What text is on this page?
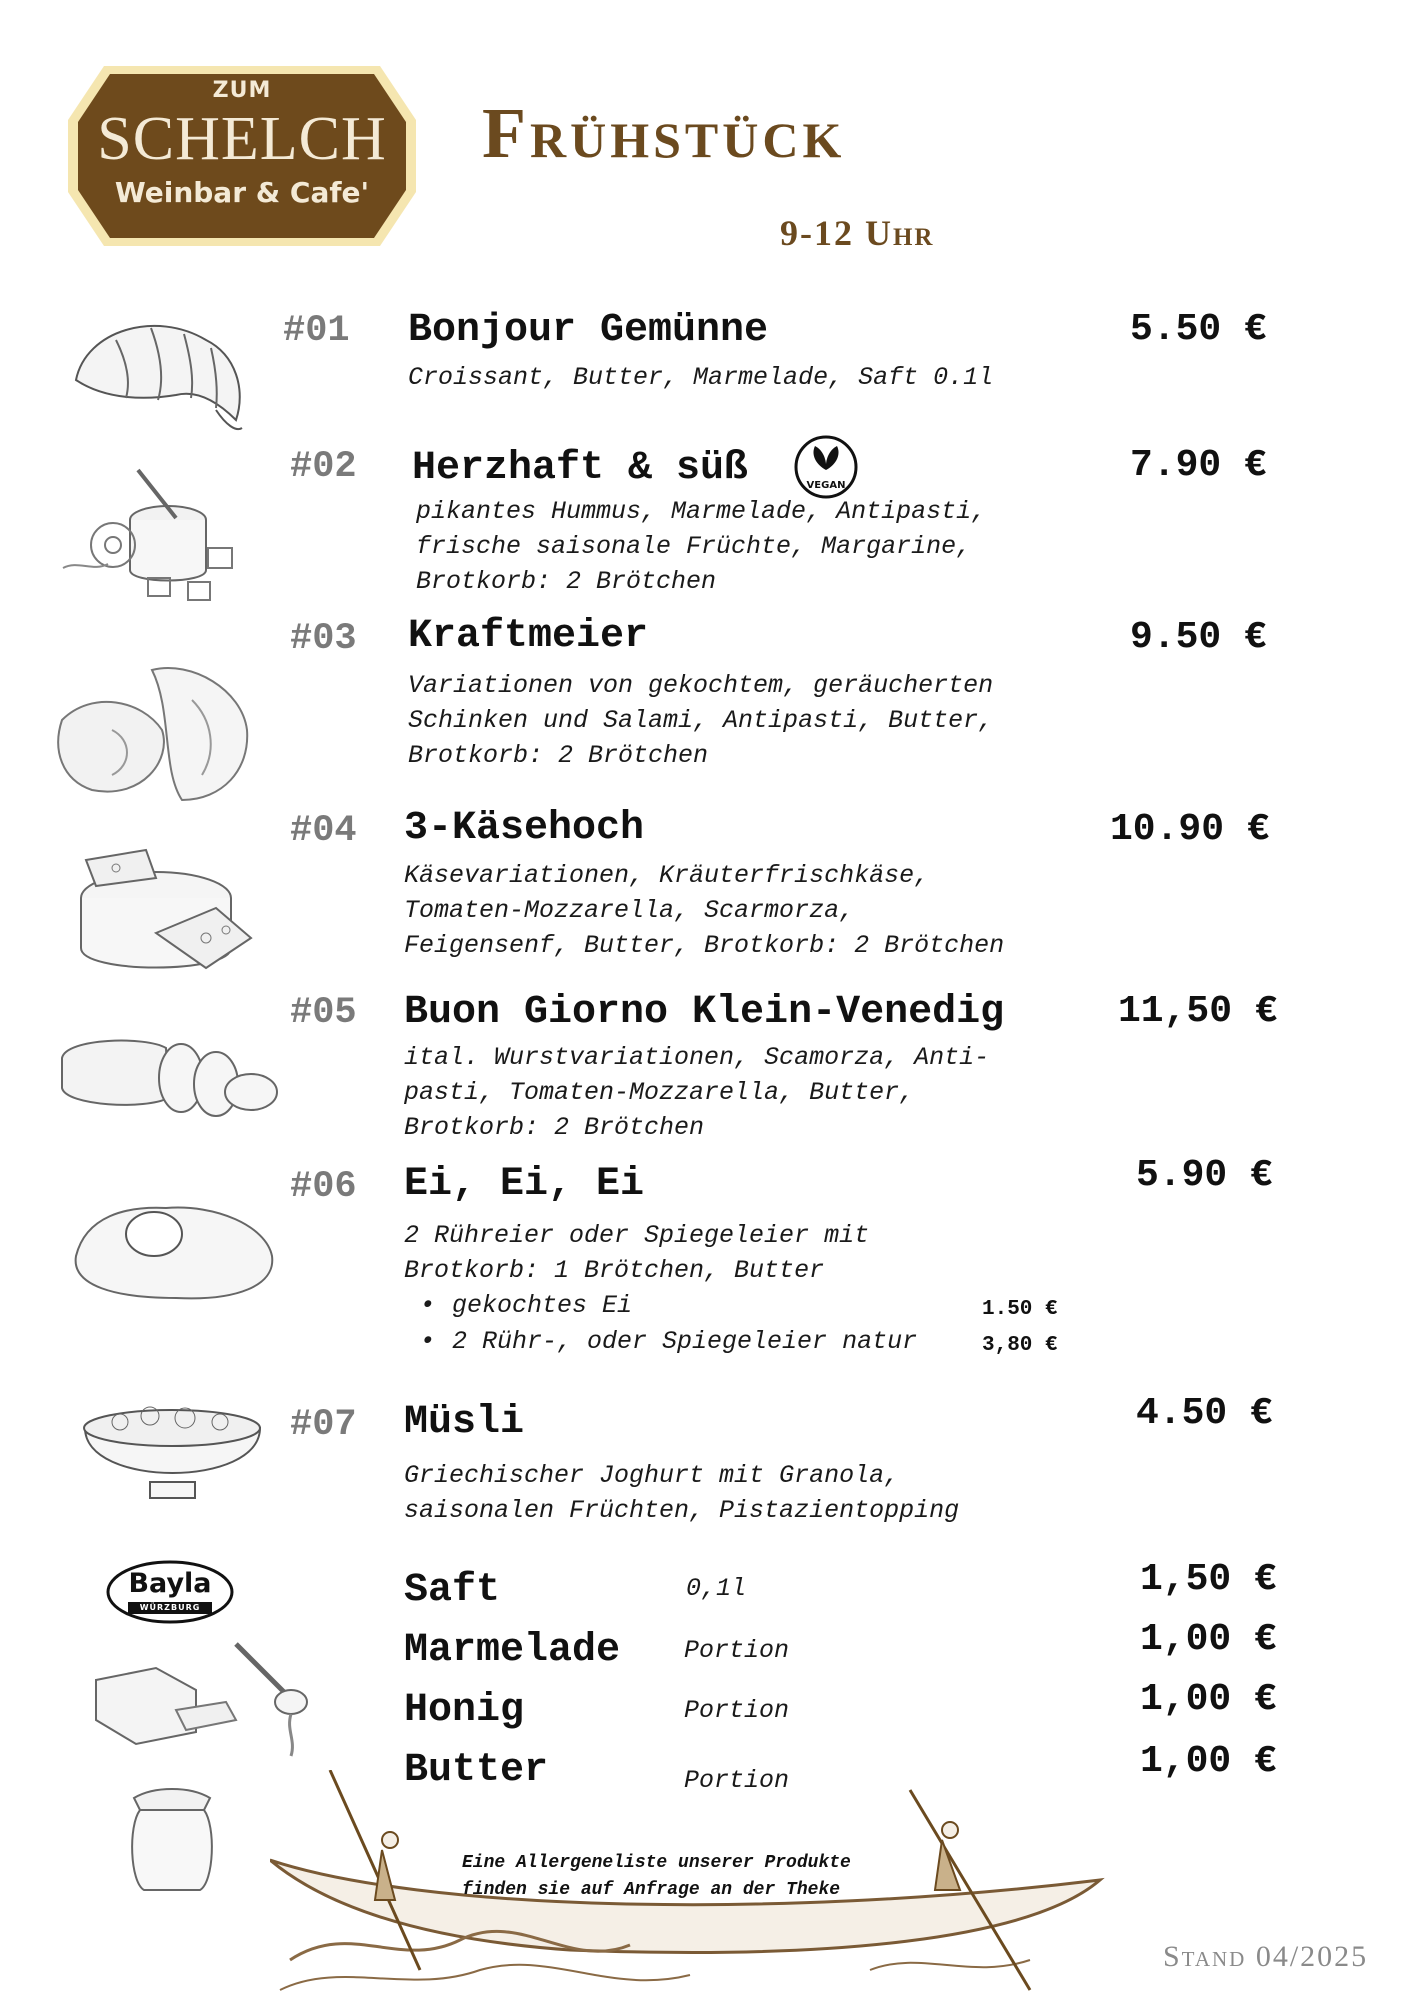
ZUM
SCHELCH
Weinbar & Cafe'
Frühstück
9-12 Uhr
Bayla
WÜRZBURG
#01 Bonjour Gemünne	5.50 €
Croissant, Butter, Marmelade, Saft 0.1l
#02 Herzhaft & süß	VEGAN	7.90 €
pikantes Hummus, Marmelade, Antipasti,
frische saisonale Früchte, Margarine,
Brotkorb: 2 Brötchen
#03 Kraftmeier	9.50 €
Variationen von gekochtem, geräucherten
Schinken und Salami, Antipasti, Butter,
Brotkorb: 2 Brötchen
#04 3-Käsehoch	10.90 €
Käsevariationen, Kräuterfrischkäse,
Tomaten-Mozzarella, Scarmorza,
Feigensenf, Butter, Brotkorb: 2 Brötchen
#05 Buon Giorno Klein-Venedig	11,50 €
ital. Wurstvariationen, Scamorza, Anti-
pasti, Tomaten-Mozzarella, Butter,
Brotkorb: 2 Brötchen
#06 Ei, Ei, Ei	5.90 €
2 Rühreier oder Spiegeleier mit
Brotkorb: 1 Brötchen, Butter
• gekochtes Ei	1.50 €
• 2 Rühr-, oder Spiegeleier natur	3,80 €
#07 Müsli	4.50 €
Griechischer Joghurt mit Granola,
saisonalen Früchten, Pistazientopping
Saft	0,1l	1,50 €
Marmelade	Portion	1,00 €
Honig	Portion	1,00 €
Butter	Portion	1,00 €
Eine Allergeneliste unserer Produkte
finden sie auf Anfrage an der Theke
Stand 04/2025
